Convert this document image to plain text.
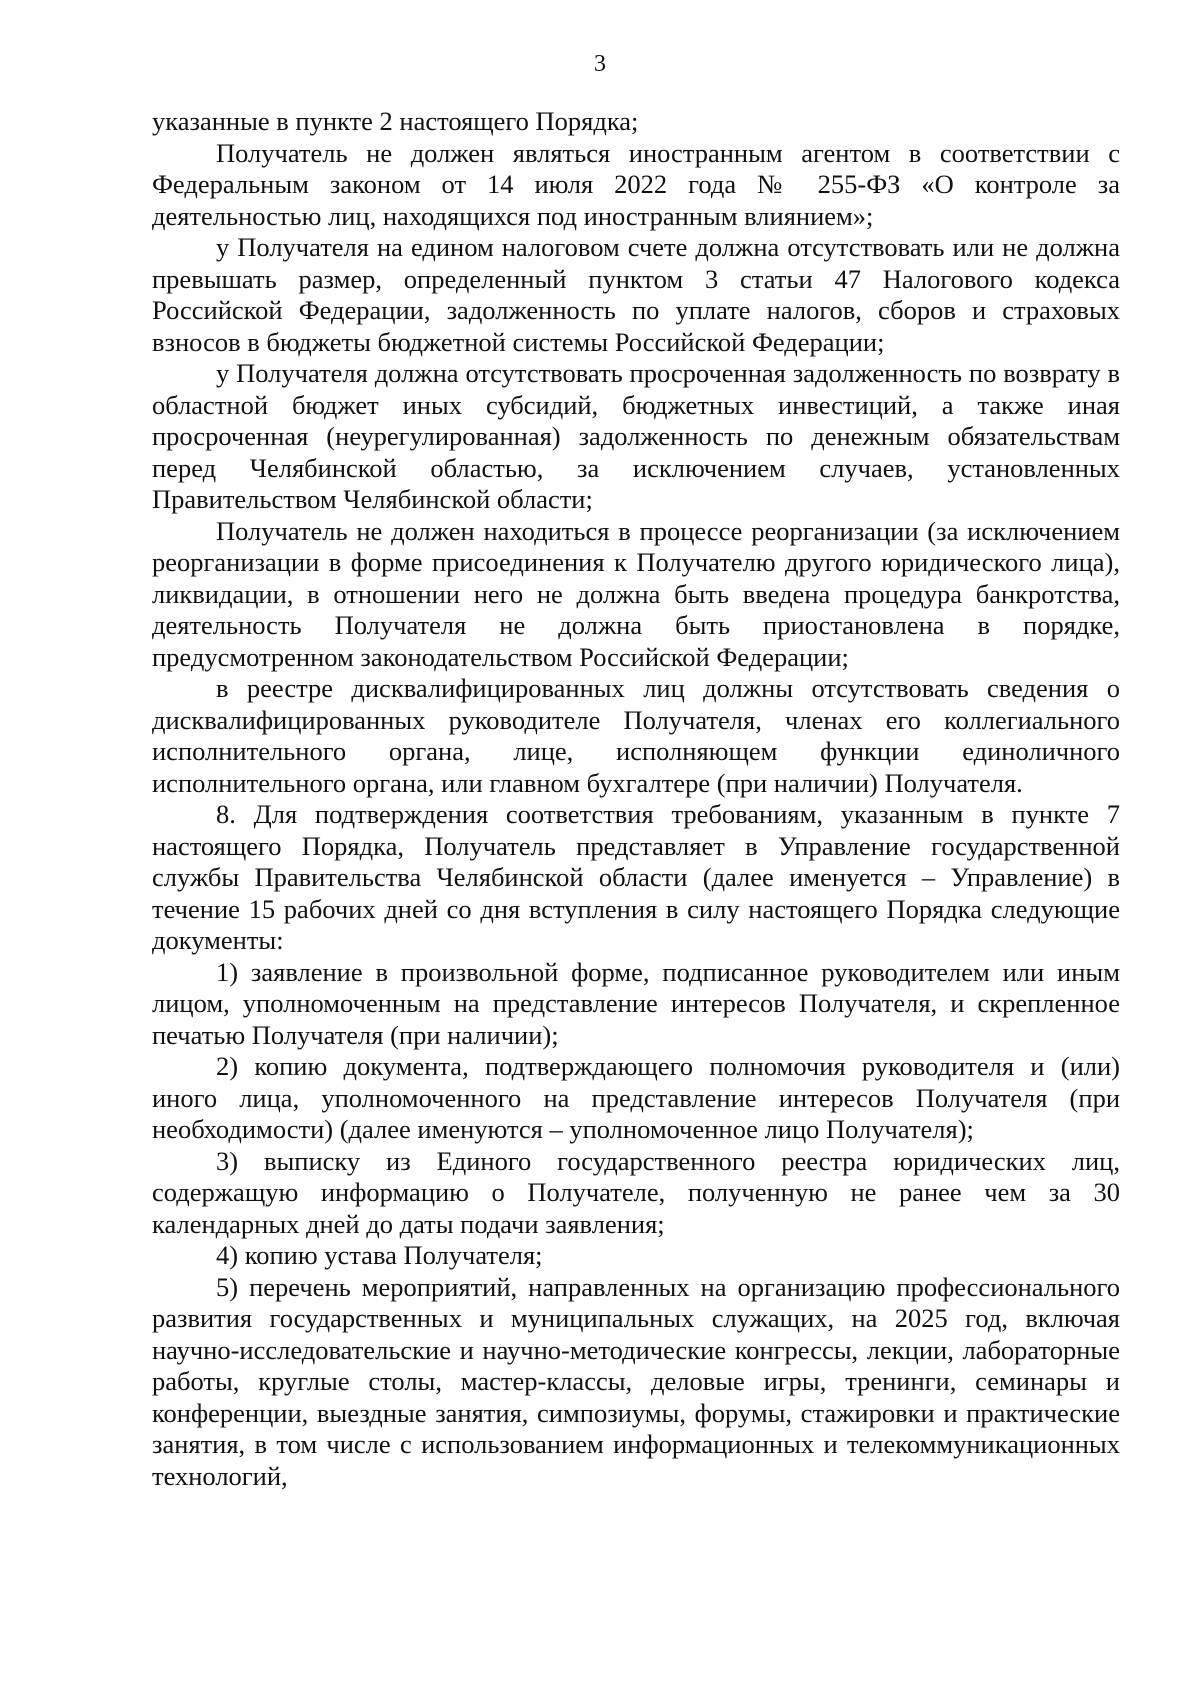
3

указанные в пункте 2 настоящего Порядка;

Получатель не должен являться иностранным агентом в соответствии с Федеральным законом от 14 июля 2022 года № 255-ФЗ «О контроле за деятельностью лиц, находящихся под иностранным влиянием»;

у Получателя на едином налоговом счете должна отсутствовать или не должна превышать размер, определенный пунктом 3 статьи 47 Налогового кодекса Российской Федерации, задолженность по уплате налогов, сборов и страховых взносов в бюджеты бюджетной системы Российской Федерации;

у Получателя должна отсутствовать просроченная задолженность по возврату в областной бюджет иных субсидий, бюджетных инвестиций, а также иная просроченная (неурегулированная) задолженность по денежным обязательствам перед Челябинской областью, за исключением случаев, установленных Правительством Челябинской области;

Получатель не должен находиться в процессе реорганизации (за исключением реорганизации в форме присоединения к Получателю другого юридического лица), ликвидации, в отношении него не должна быть введена процедура банкротства, деятельность Получателя не должна быть приостановлена в порядке, предусмотренном законодательством Российской Федерации;

в реестре дисквалифицированных лиц должны отсутствовать сведения о дисквалифицированных руководителе Получателя, членах его коллегиального исполнительного органа, лице, исполняющем функции единоличного исполнительного органа, или главном бухгалтере (при наличии) Получателя.

8. Для подтверждения соответствия требованиям, указанным в пункте 7 настоящего Порядка, Получатель представляет в Управление государственной службы Правительства Челябинской области (далее именуется – Управление) в течение 15 рабочих дней со дня вступления в силу настоящего Порядка следующие документы:

1) заявление в произвольной форме, подписанное руководителем или иным лицом, уполномоченным на представление интересов Получателя, и скрепленное печатью Получателя (при наличии);

2) копию документа, подтверждающего полномочия руководителя и (или) иного лица, уполномоченного на представление интересов Получателя (при необходимости) (далее именуются – уполномоченное лицо Получателя);

3) выписку из Единого государственного реестра юридических лиц, содержащую информацию о Получателе, полученную не ранее чем за 30 календарных дней до даты подачи заявления;

4) копию устава Получателя;

5) перечень мероприятий, направленных на организацию профессионального развития государственных и муниципальных служащих, на 2025 год, включая научно-исследовательские и научно-методические конгрессы, лекции, лабораторные работы, круглые столы, мастер-классы, деловые игры, тренинги, семинары и конференции, выездные занятия, симпозиумы, форумы, стажировки и практические занятия, в том числе с использованием информационных и телекоммуникационных технологий,
